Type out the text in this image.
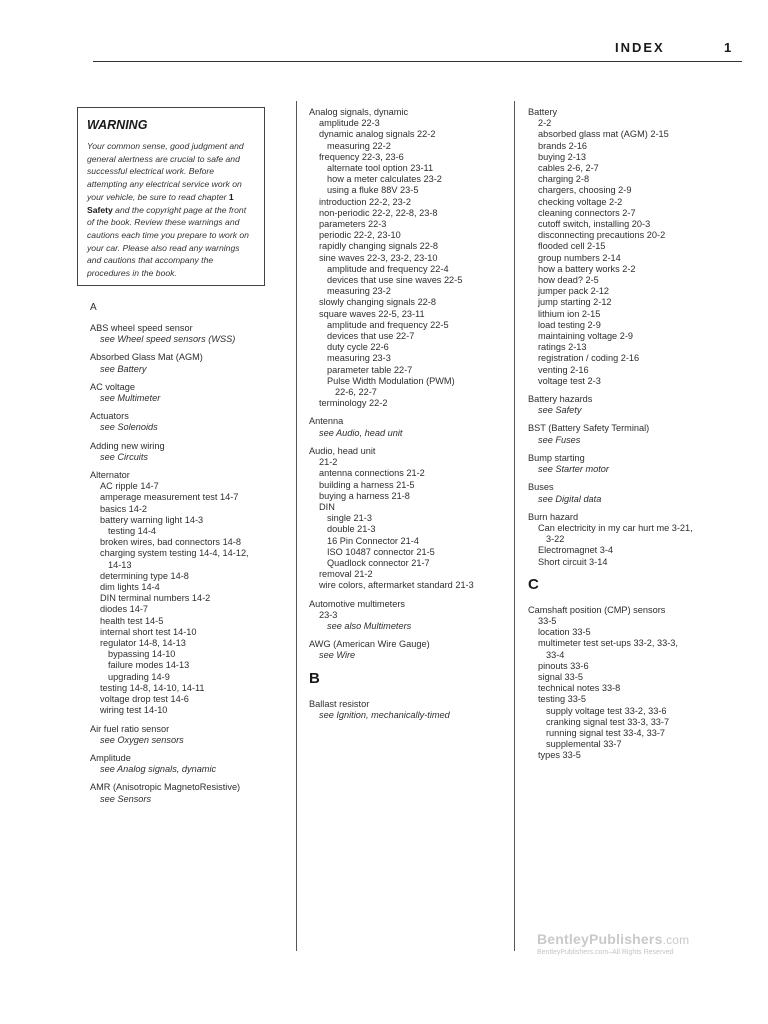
INDEX	1
WARNING
Your common sense, good judgment and general alertness are crucial to safe and successful electrical work. Before attempting any electrical service work on your vehicle, be sure to read chapter 1 Safety and the copyright page at the front of the book. Review these warnings and cautions each time you prepare to work on your car. Please also read any warnings and cautions that accompany the procedures in the book.
A
ABS wheel speed sensor
see Wheel speed sensors (WSS)
Absorbed Glass Mat (AGM)
see Battery
AC voltage
see Multimeter
Actuators
see Solenoids
Adding new wiring
see Circuits
Alternator
AC ripple 14-7
amperage measurement test 14-7
basics 14-2
battery warning light 14-3
testing 14-4
broken wires, bad connectors 14-8
charging system testing 14-4, 14-12,
14-13
determining type 14-8
dim lights 14-4
DIN terminal numbers 14-2
diodes 14-7
health test 14-5
internal short test 14-10
regulator 14-8, 14-13
bypassing 14-10
failure modes 14-13
upgrading 14-9
testing 14-8, 14-10, 14-11
voltage drop test 14-6
wiring test 14-10
Air fuel ratio sensor
see Oxygen sensors
Amplitude
see Analog signals, dynamic
AMR (Anisotropic MagnetoResistive)
see Sensors
Analog signals, dynamic
amplitude 22-3
dynamic analog signals 22-2
measuring 22-2
frequency 22-3, 23-6
alternate tool option 23-11
how a meter calculates 23-2
using a fluke 88V 23-5
introduction 22-2, 23-2
non-periodic 22-2, 22-8, 23-8
parameters 22-3
periodic 22-2, 23-10
rapidly changing signals 22-8
sine waves 22-3, 23-2, 23-10
amplitude and frequency 22-4
devices that use sine waves 22-5
measuring 23-2
slowly changing signals 22-8
square waves 22-5, 23-11
amplitude and frequency 22-5
devices that use 22-7
duty cycle 22-6
measuring 23-3
parameter table 22-7
Pulse Width Modulation (PWM)
22-6, 22-7
terminology 22-2
Antenna
see Audio, head unit
Audio, head unit
21-2
antenna connections 21-2
building a harness 21-5
buying a harness 21-8
DIN
single 21-3
double 21-3
16 Pin Connector 21-4
ISO 10487 connector 21-5
Quadlock connector 21-7
removal 21-2
wire colors, aftermarket standard 21-3
Automotive multimeters
23-3
see also Multimeters
AWG (American Wire Gauge)
see Wire
B
Ballast resistor
see Ignition, mechanically-timed
Battery
2-2
absorbed glass mat (AGM) 2-15
brands 2-16
buying 2-13
cables 2-6, 2-7
charging 2-8
chargers, choosing 2-9
checking voltage 2-2
cleaning connectors 2-7
cutoff switch, installing 20-3
disconnecting precautions 20-2
flooded cell 2-15
group numbers 2-14
how a battery works 2-2
how dead? 2-5
jumper pack 2-12
jump starting 2-12
lithium ion 2-15
load testing 2-9
maintaining voltage 2-9
ratings 2-13
registration / coding 2-16
venting 2-16
voltage test 2-3
Battery hazards
see Safety
BST (Battery Safety Terminal)
see Fuses
Bump starting
see Starter motor
Buses
see Digital data
Burn hazard
Can electricity in my car hurt me 3-21,
3-22
Electromagnet 3-4
Short circuit 3-14
C
Camshaft position (CMP) sensors
33-5
location 33-5
multimeter test set-ups 33-2, 33-3,
33-4
pinouts 33-6
signal 33-5
technical notes 33-8
testing 33-5
supply voltage test 33-2, 33-6
cranking signal test 33-3, 33-7
running signal test 33-4, 33-7
supplemental 33-7
types 33-5
BentleyPublishers.com
BentleyPublishers.com–All Rights Reserved
